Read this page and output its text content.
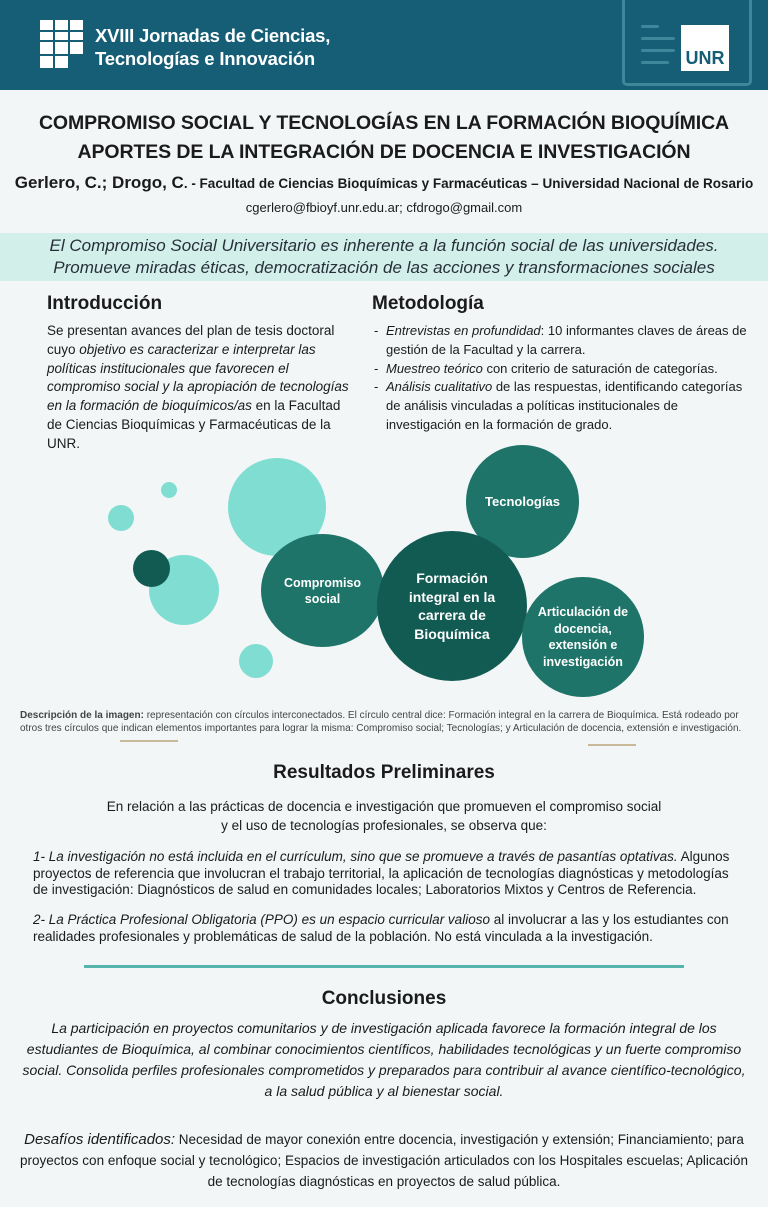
XVIII Jornadas de Ciencias,
Tecnologías e Innovación	UNR
COMPROMISO SOCIAL Y TECNOLOGÍAS EN LA FORMACIÓN BIOQUÍMICA
APORTES DE LA INTEGRACIÓN DE DOCENCIA E INVESTIGACIÓN
Gerlero, C.; Drogo, C. - Facultad de Ciencias Bioquímicas y Farmacéuticas – Universidad Nacional de Rosario
cgerlero@fbioyf.unr.edu.ar; cfdrogo@gmail.com
El Compromiso Social Universitario es inherente a la función social de las universidades.
Promueve miradas éticas, democratización de las acciones y transformaciones sociales
Introducción
Se presentan avances del plan de tesis doctoral cuyo objetivo es caracterizar e interpretar las políticas institucionales que favorecen el compromiso social y la apropiación de tecnologías en la formación de bioquímicos/as en la Facultad de Ciencias Bioquímicas y Farmacéuticas de la UNR.
Metodología
- Entrevistas en profundidad: 10 informantes claves de áreas de gestión de la Facultad y la carrera.
- Muestreo teórico con criterio de saturación de categorías.
- Análisis cualitativo de las respuestas, identificando categorías de análisis vinculadas a políticas institucionales de investigación en la formación de grado.
Tecnologías
Compromiso social
Formación integral en la carrera de Bioquímica
Articulación de docencia, extensión e investigación
Descripción de la imagen: representación con círculos interconectados. El círculo central dice: Formación integral en la carrera de Bioquímica. Está rodeado por otros tres círculos que indican elementos importantes para lograr la misma: Compromiso social; Tecnologías; y Articulación de docencia, extensión e investigación.
Resultados Preliminares
En relación a las prácticas de docencia e investigación que promueven el compromiso social
y el uso de tecnologías profesionales, se observa que:
1- La investigación no está incluida en el currículum, sino que se promueve a través de pasantías optativas. Algunos proyectos de referencia que involucran el trabajo territorial, la aplicación de tecnologías diagnósticas y metodologías de investigación: Diagnósticos de salud en comunidades locales; Laboratorios Mixtos y Centros de Referencia.
2- La Práctica Profesional Obligatoria (PPO) es un espacio curricular valioso al involucrar a las y los estudiantes con realidades profesionales y problemáticas de salud de la población. No está vinculada a la investigación.
Conclusiones
La participación en proyectos comunitarios y de investigación aplicada favorece la formación integral de los estudiantes de Bioquímica, al combinar conocimientos científicos, habilidades tecnológicas y un fuerte compromiso social. Consolida perfiles profesionales comprometidos y preparados para contribuir al avance científico-tecnológico, a la salud pública y al bienestar social.
Desafíos identificados: Necesidad de mayor conexión entre docencia, investigación y extensión; Financiamiento; para proyectos con enfoque social y tecnológico; Espacios de investigación articulados con los Hospitales escuelas; Aplicación de tecnologías diagnósticas en proyectos de salud pública.
